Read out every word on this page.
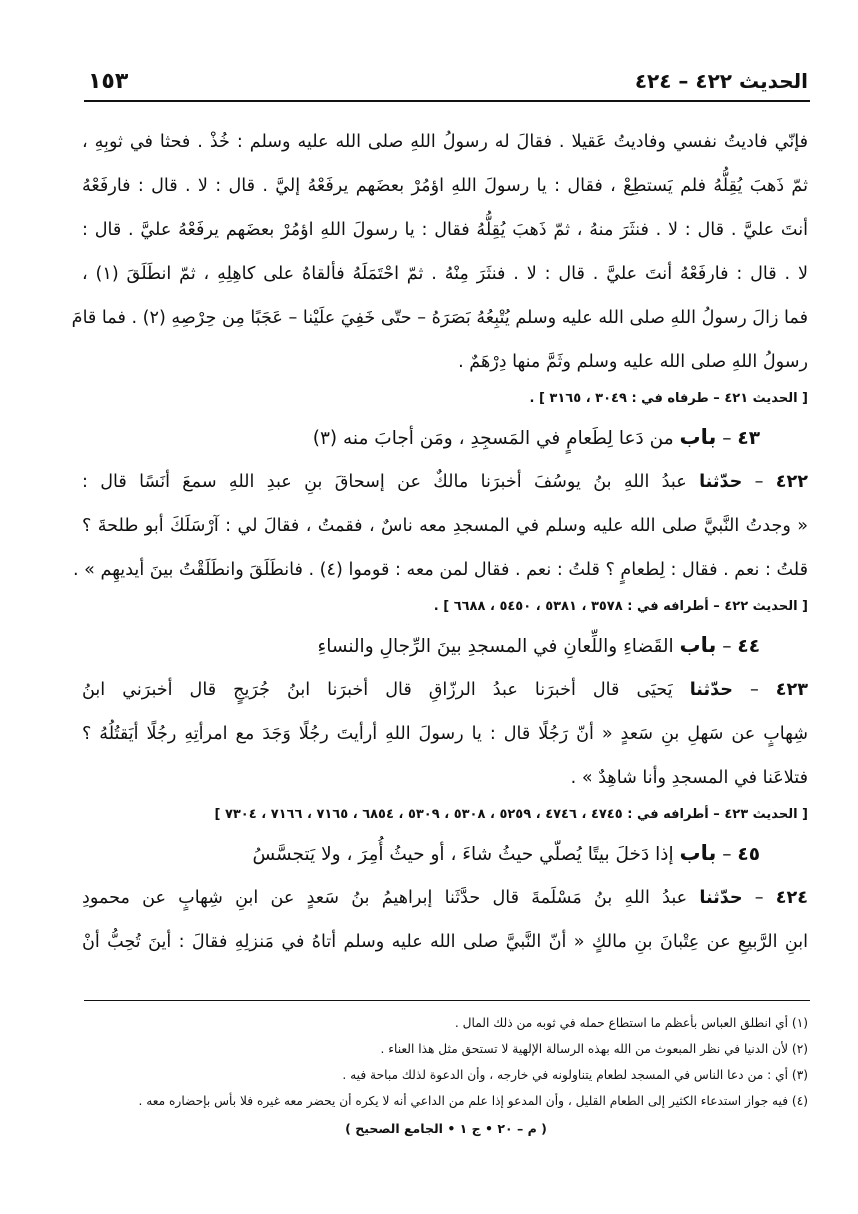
الحديث ٤٢٢ – ٤٢٤
١٥٣
فإنّي فاديتُ نفسي وفاديتُ عَقيلا . فقالَ له رسولُ اللهِ صلى الله عليه وسلم : خُذْ . فحثا في ثوبِهِ ،
ثمّ ذَهبَ يُقِلُّهُ فلم يَستطِعْ ، فقال : يا رسولَ اللهِ اؤمُرْ بعضَهم يرفَعْهُ إليَّ . قال : لا . قال : فارفَعْهُ
أنتَ عليَّ . قال : لا . فنثَرَ منهُ ، ثمّ ذَهبَ يُقِلُّهُ فقال : يا رسولَ اللهِ اؤمُرْ بعضَهم يرفَعْهُ عليَّ . قال :
لا . قال : فارفَعْهُ أنتَ عليَّ . قال : لا . فنثَرَ مِنْهُ . ثمّ احْتَمَلَهُ فألقاهُ على كاهِلِهِ ، ثمّ انطَلَقَ (١) ،
فما زالَ رسولُ اللهِ صلى الله عليه وسلم يُتْبِعُهُ بَصَرَهُ – حتّى خَفِيَ علَيْنا – عَجَبًا مِن حِرْصِهِ (٢) . فما قامَ
رسولُ اللهِ صلى الله عليه وسلم وثَمَّ منها دِرْهَمٌ .
[ الحديث ٤٢١ – طرفاه في : ٣٠٤٩ ، ٣١٦٥ ] .
٤٣ – باب من دَعا لِطَعامٍ في المَسجِدِ ، ومَن أجابَ منه (٣)
٤٢٢ – حدّثنا عبدُ اللهِ بنُ يوسُفَ أخبرَنا مالكٌ عن إسحاقَ بنِ عبدِ اللهِ سمعَ أنَسًا قال :
« وجدتُ النَّبيَّ صلى الله عليه وسلم في المسجدِ معه ناسٌ ، فقمتُ ، فقالَ لي : آرْسَلَكَ أبو طلحةَ ؟
قلتُ : نعم . فقال : لِطعامٍ ؟ قلتُ : نعم . فقال لمن معه : قوموا (٤) . فانطَلَقَ وانطَلَقْتُ بينَ أيديهِم » .
[ الحديث ٤٢٢ – أطرافه في : ٣٥٧٨ ، ٥٣٨١ ، ٥٤٥٠ ، ٦٦٨٨ ] .
٤٤ – باب القَضاءِ واللِّعانِ في المسجدِ بينَ الرِّجالِ والنساءِ
٤٢٣ – حدّثنا يَحيَى قال أخبرَنا عبدُ الرزّاقِ قال أخبرَنا ابنُ جُرَيجٍ قال أخبرَني ابنُ
شِهابٍ عن سَهلِ بنِ سَعدٍ « أنّ رَجُلًا قال : يا رسولَ اللهِ أرأيتَ رجُلًا وَجَدَ مع امرأتِهِ رجُلًا أيَقتُلُهُ ؟
فتلاعَنا في المسجدِ وأنا شاهِدٌ » .
[ الحديث ٤٢٣ – أطرافه في : ٤٧٤٥ ، ٤٧٤٦ ، ٥٢٥٩ ، ٥٣٠٨ ، ٥٣٠٩ ، ٦٨٥٤ ، ٧١٦٥ ، ٧١٦٦ ، ٧٣٠٤ ]
٤٥ – باب إذا دَخلَ بيتًا يُصلّي حيثُ شاءَ ، أو حيثُ أُمِرَ ، ولا يَتجسَّسُ
٤٢٤ – حدّثنا عبدُ اللهِ بنُ مَسْلَمةَ قال حدَّثَنا إبراهيمُ بنُ سَعدٍ عن ابنِ شِهابٍ عن محمودِ
ابنِ الرَّبيعِ عن عِتْبانَ بنِ مالكٍ « أنّ النَّبيَّ صلى الله عليه وسلم أتاهُ في مَنزلِهِ فقالَ : أينَ تُحِبُّ أنْ
(١) أي انطلق العباس بأعظم ما استطاع حمله في ثوبه من ذلك المال .
(٢) لأن الدنيا في نظر المبعوث من الله بهذه الرسالة الإلهية لا تستحق مثل هذا العناء .
(٣) أي : من دعا الناس في المسجد لطعام يتناولونه في خارجه ، وأن الدعوة لذلك مباحة فيه .
(٤) فيه جواز استدعاء الكثير إلى الطعام القليل ، وأن المدعو إذا علم من الداعي أنه لا يكره أن يحضر معه غيره فلا بأس بإحضاره معه .
( م – ٢٠ • ج ١ • الجامع الصحيح )
